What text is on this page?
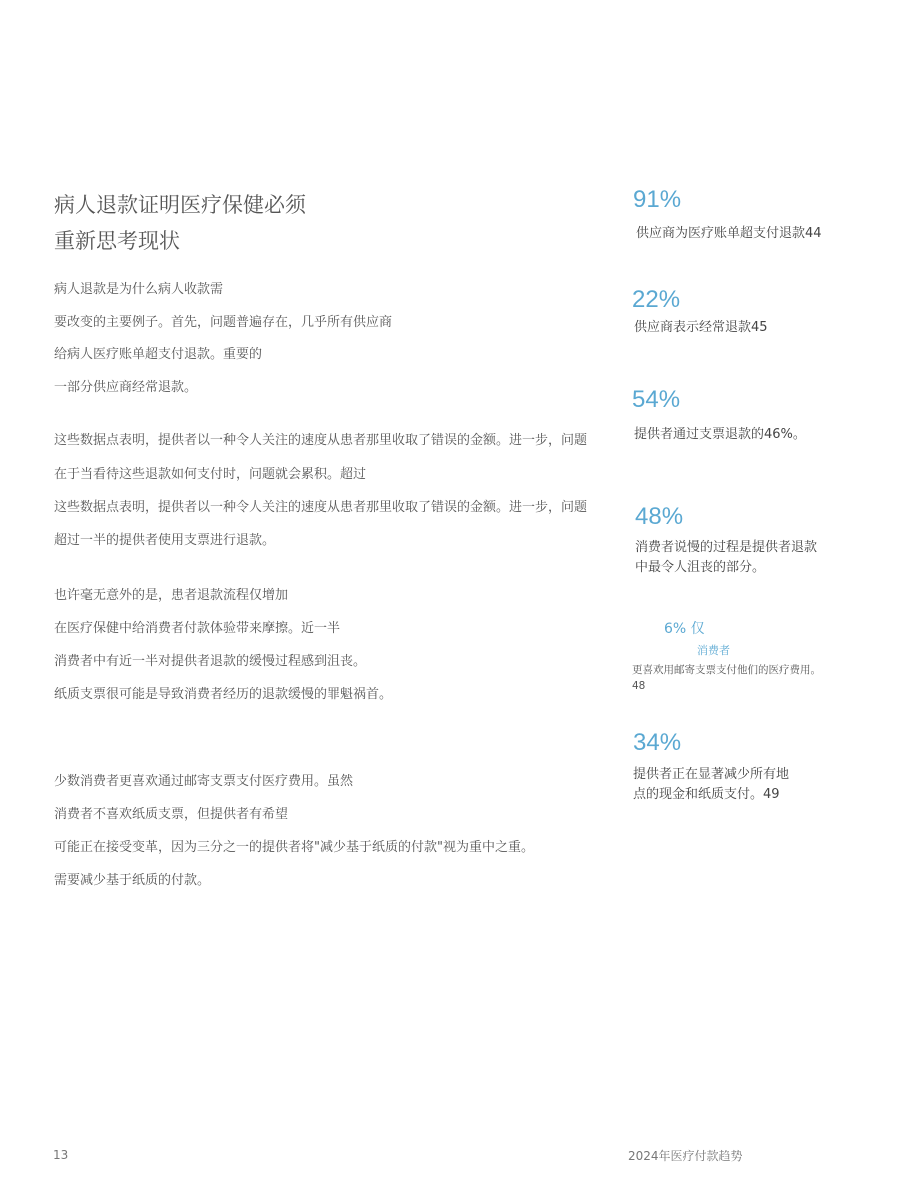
病人退款证明医疗保健必须
重新思考现状
病人退款是为什么病人收款需
要改变的主要例子。首先，问题普遍存在，几乎所有供应商
给病人医疗账单超支付退款。重要的
一部分供应商经常退款。
这些数据点表明，提供者以一种令人关注的速度从患者那里收取了错误的金额。进一步，问题
在于当看待这些退款如何支付时，问题就会累积。超过
这些数据点表明，提供者以一种令人关注的速度从患者那里收取了错误的金额。进一步，问题
超过一半的提供者使用支票进行退款。
也许毫无意外的是，患者退款流程仅增加
在医疗保健中给消费者付款体验带来摩擦。近一半
消费者中有近一半对提供者退款的缓慢过程感到沮丧。
纸质支票很可能是导致消费者经历的退款缓慢的罪魁祸首。
少数消费者更喜欢通过邮寄支票支付医疗费用。虽然
消费者不喜欢纸质支票，但提供者有希望
可能正在接受变革，因为三分之一的提供者将"减少基于纸质的付款"视为重中之重。
需要减少基于纸质的付款。
91%
供应商为医疗账单超支付退款44
22%
供应商表示经常退款45
54%
提供者通过支票退款的46%。
48%
消费者说慢的过程是提供者退款
中最令人沮丧的部分。
6% 仅
消费者
更喜欢用邮寄支票支付他们的医疗费用。
48
34%
提供者正在显著减少所有地
点的现金和纸质支付。49
13	2024年医疗付款趋势
